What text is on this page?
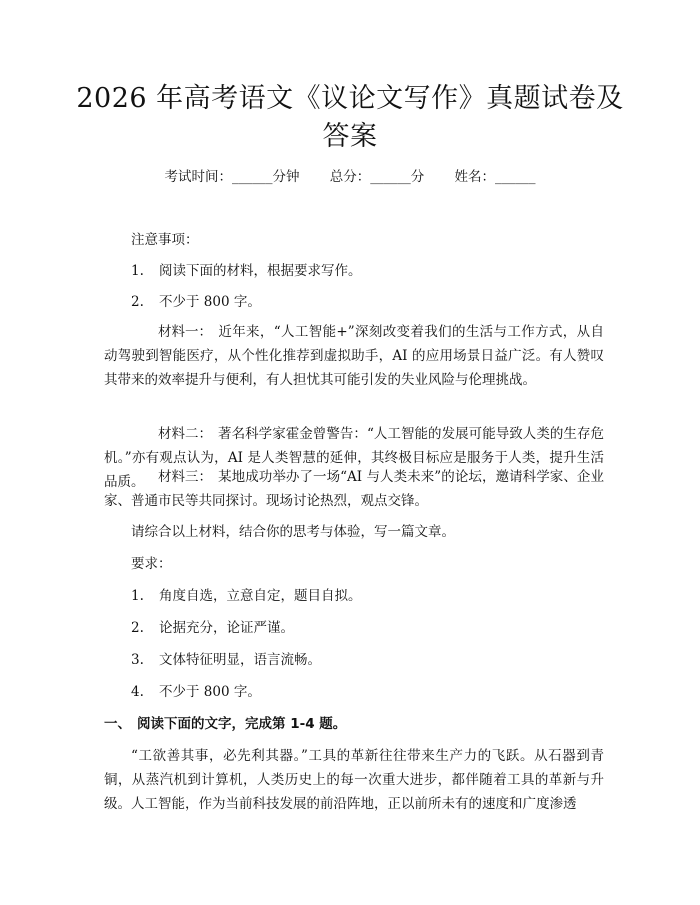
2026 年高考语文《议论文写作》真题试卷及答案
考试时间：______分钟 总分：______分 姓名：______
注意事项：
1. 阅读下面的材料，根据要求写作。
2. 不少于 800 字。
材料一： 近年来，“人工智能+”深刻改变着我们的生活与工作方式，从自动驾驶到智能医疗，从个性化推荐到虚拟助手，AI 的应用场景日益广泛。有人赞叹其带来的效率提升与便利，有人担忧其可能引发的失业风险与伦理挑战。
材料二： 著名科学家霍金曾警告：“人工智能的发展可能导致人类的生存危机。”亦有观点认为，AI 是人类智慧的延伸，其终极目标应是服务于人类，提升生活品质。	材料三： 某地成功举办了一场“AI 与人类未来”的论坛，邀请科学家、企业家、普通市民等共同探讨。现场讨论热烈，观点交锋。
请综合以上材料，结合你的思考与体验，写一篇文章。
要求：
1. 角度自选，立意自定，题目自拟。
2. 论据充分，论证严谨。
3. 文体特征明显，语言流畅。
4. 不少于 800 字。
一、 阅读下面的文字，完成第 1-4 题。
“工欲善其事，必先利其器。”工具的革新往往带来生产力的飞跃。从石器到青铜，从蒸汽机到计算机，人类历史上的每一次重大进步，都伴随着工具的革新与升级。人工智能，作为当前科技发展的前沿阵地，正以前所未有的速度和广度渗透
